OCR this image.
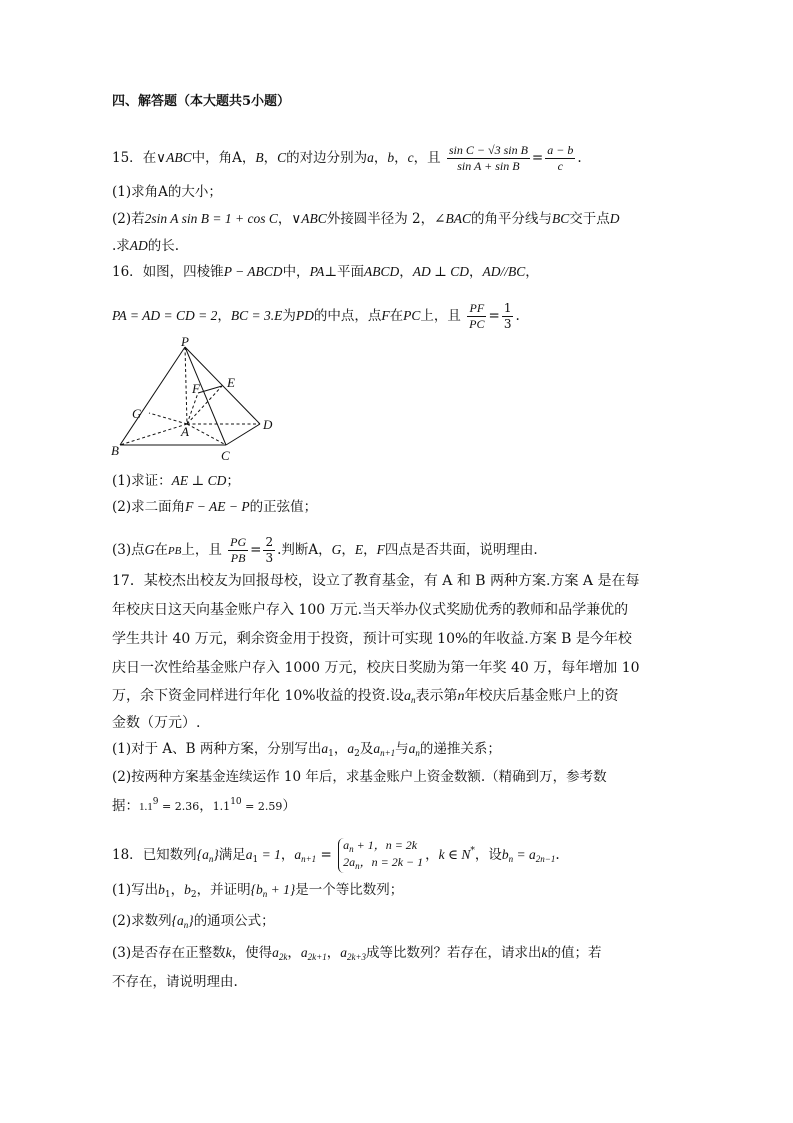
四、解答题（本大题共5小题）
15．在∨ABC中，角A，B，C的对边分别为a，b，c，且 $\frac{\text{sin C − √3 sin B}}{\text{sin A + sin B}} = \frac{a - b}{c}$ .
(1)求角A的大小；
(2)若2sin A sin B = 1 + cos C，∨ABC外接圆半径为 2，∠BAC的角平分线与BC交于点D
.求AD的长.
16．如图，四棱锥P − ABCD中，PA⊥平面ABCD，AD ⊥ CD，AD//BC，
PA = AD = CD = 2，BC = 3.E为PD的中点，点F在PC上，且 $\frac{PF}{PC} = \frac{1}{3}$ .
P
E
F
G
A	D
B	C
(1)求证：AE ⊥ CD；
(2)求二面角F − AE − P的正弦值；
(3)点G在PB上，且 $\frac{PG}{PB} = \frac{2}{3}$ .判断A，G，E，F四点是否共面，说明理由.
17．某校杰出校友为回报母校，设立了教育基金，有 A 和 B 两种方案.方案 A 是在每
年校庆日这天向基金账户存入 100 万元.当天举办仪式奖励优秀的教师和品学兼优的
学生共计 40 万元，剩余资金用于投资，预计可实现 10%的年收益.方案 B 是今年校
庆日一次性给基金账户存入 1000 万元，校庆日奖励为第一年奖 40 万，每年增加 10
万，余下资金同样进行年化 10%收益的投资.设$a_n$表示第n年校庆后基金账户上的资
金数（万元）.
(1)对于 A、B 两种方案，分别写出$a_1$，$a_2$及$a_{n+1}$与$a_n$的递推关系；
(2)按两种方案基金连续运作 10 年后，求基金账户上资金数额.（精确到万，参考数
据：$1.1^9 = 2.36$，$1.1^{10} = 2.59$）
18．已知数列$\{a_n\}$满足$a_1 = 1$，$a_{n+1}$ =
$a_n + 1$，n = 2k
$2a_n$，n = 2k − 1 ，k ∈ N*，设$b_n = a_{2n-1}$.
(1)写出$b_1$，$b_2$，并证明$\{b_n + 1\}$是一个等比数列；
(2)求数列$\{a_n\}$的通项公式；
(3)是否存在正整数k，使得$a_{2k}$，$a_{2k+1}$，$a_{2k+3}$成等比数列？若存在，请求出k的值；若
不存在，请说明理由.
